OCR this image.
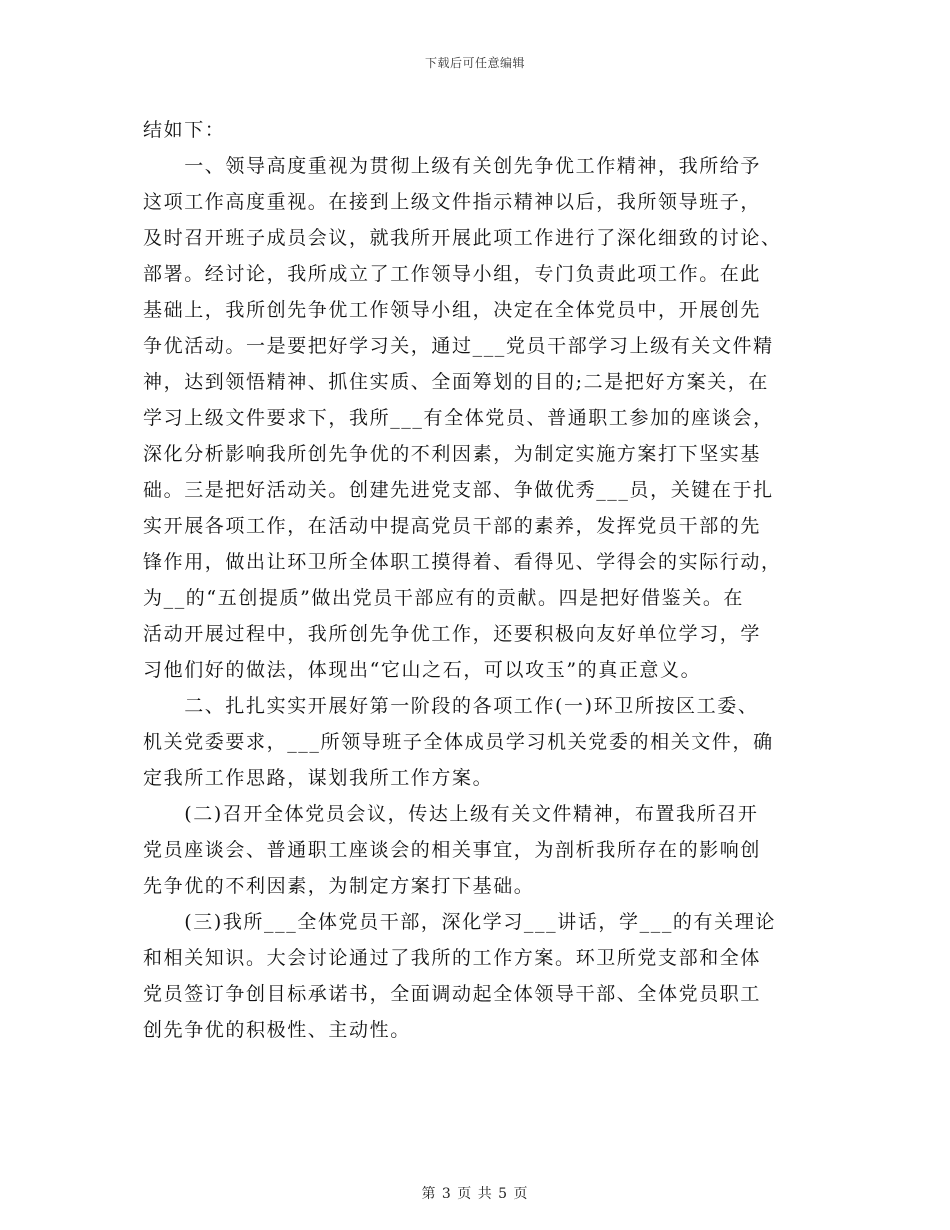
下载后可任意编辑
结如下：
　　一、领导高度重视为贯彻上级有关创先争优工作精神，我所给予
这项工作高度重视。在接到上级文件指示精神以后，我所领导班子，
及时召开班子成员会议，就我所开展此项工作进行了深化细致的讨论、
部署。经讨论，我所成立了工作领导小组，专门负责此项工作。在此
基础上，我所创先争优工作领导小组，决定在全体党员中，开展创先
争优活动。一是要把好学习关，通过___党员干部学习上级有关文件精
神，达到领悟精神、抓住实质、全面筹划的目的;二是把好方案关，在
学习上级文件要求下，我所___有全体党员、普通职工参加的座谈会，
深化分析影响我所创先争优的不利因素，为制定实施方案打下坚实基
础。三是把好活动关。创建先进党支部、争做优秀___员，关键在于扎
实开展各项工作，在活动中提高党员干部的素养，发挥党员干部的先
锋作用，做出让环卫所全体职工摸得着、看得见、学得会的实际行动，
为__的“五创提质”做出党员干部应有的贡献。四是把好借鉴关。在
活动开展过程中，我所创先争优工作，还要积极向友好单位学习，学
习他们好的做法，体现出“它山之石，可以攻玉”的真正意义。
　　二、扎扎实实开展好第一阶段的各项工作(一)环卫所按区工委、
机关党委要求，___所领导班子全体成员学习机关党委的相关文件，确
定我所工作思路，谋划我所工作方案。
　　(二)召开全体党员会议，传达上级有关文件精神，布置我所召开
党员座谈会、普通职工座谈会的相关事宜，为剖析我所存在的影响创
先争优的不利因素，为制定方案打下基础。
　　(三)我所___全体党员干部，深化学习___讲话，学___的有关理论
和相关知识。大会讨论通过了我所的工作方案。环卫所党支部和全体
党员签订争创目标承诺书，全面调动起全体领导干部、全体党员职工
创先争优的积极性、主动性。
第 3 页 共 5 页
